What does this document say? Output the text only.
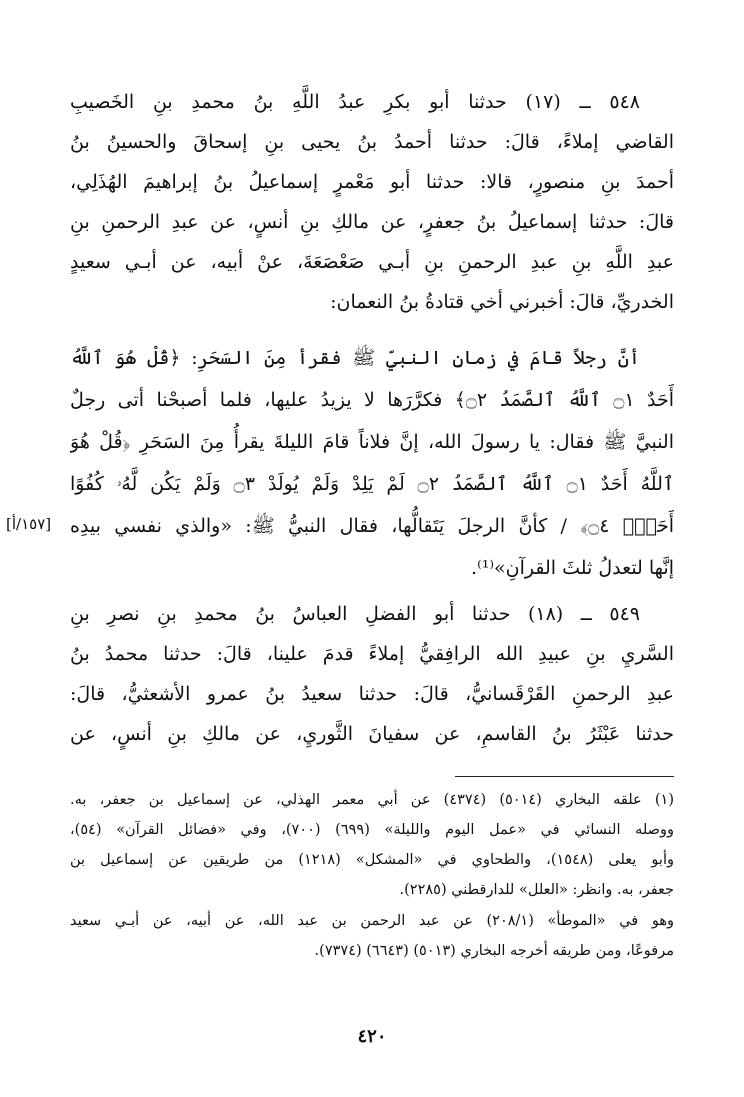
٥٤٨ ــ (١٧) حدثنا أبو بكرِ عبدُ اللَّهِ بنُ محمدِ بنِ الخَصيبِ
القاضي إملاءً، قالَ: حدثنا أحمدُ بنُ يحيى بنِ إسحاقَ والحسينُ بنُ
أحمدَ بنِ منصورٍ، قالا: حدثنا أبو مَعْمرٍ إسماعيلُ بنُ إبراهيمَ الهُذَلِي،
قالَ: حدثنا إسماعيلُ بنُ جعفرٍ، عن مالكِ بنِ أنسٍ، عن عبدِ الرحمنِ بنِ
عبدِ اللَّهِ بنِ عبدِ الرحمنِ بنِ أبـي صَعْصَعَةَ، عنْ أبيه، عن أبـي سعيدٍ
الخدريِّ، قالَ: أخبرني أخي قتادةُ بنُ النعمان:
أنَّ رجلاً قامَ في زمانِ النبيِّ ﷺ فقرأ مِنَ السَحَرِ: ﴿قُلْ هُوَ ٱللَّهُ
أَحَدٌ ۝١ ٱللَّهُ ٱلصَّمَدُ ۝٢﴾ فكرَّرَها لا يزيدُ عليها، فلما أصبحْنا أتى رجلٌ
النبيَّ ﷺ فقال: يا رسولَ الله، إنَّ فلاناً قامَ الليلةَ يقرأُ مِنَ السَحَرِ ﴿قُلْ هُوَ
ٱللَّهُ أَحَدٌ ۝١ ٱللَّهُ ٱلصَّمَدُ ۝٢ لَمْ يَلِدْ وَلَمْ يُولَدْ ۝٣ وَلَمْ يَكُن لَّهُۥ كُفُوًا
أَحَدٌۢ ۝٤﴾ / كأنَّ الرجلَ يَتَقالُّها، فقال النبيُّ ﷺ: «والذي نفسي بيدِه
إنَّها لتعدلُ ثلثَ القرآنِ»⁽¹⁾.
[١٥٧/أ]
٥٤٩ ــ (١٨) حدثنا أبو الفضلِ العباسُ بنُ محمدِ بنِ نصرِ بنِ
السَّريِ بنِ عبيدِ الله الرافِقيُّ إملاءً قدمَ علينا، قالَ: حدثنا محمدُ بنُ
عبدِ الرحمنِ القَرْقَسانيُّ، قالَ: حدثنا سعيدُ بنُ عمرو الأشعثيُّ، قالَ:
حدثنا عَبْثَرُ بنُ القاسمِ، عن سفيانَ الثَّوريِ، عن مالكِ بنِ أنسٍ، عن
(١) علقه البخاري (٥٠١٤) (٤٣٧٤) عن أبي معمر الهذلي، عن إسماعيل بن جعفر، به.
ووصله النسائي في «عمل اليوم والليلة» (٦٩٩) (٧٠٠)، وفي «فضائل القرآن» (٥٤)،
وأبو يعلى (١٥٤٨)، والطحاوي في «المشكل» (١٢١٨) من طريقين عن إسماعيل بن
جعفر، به. وانظر: «العلل» للدارقطني (٢٢٨٥).
وهو في «الموطأ» (٢٠٨/١) عن عبد الرحمن بن عبد الله، عن أبيه، عن أبـي سعيد
مرفوعًا، ومن طريقه أخرجه البخاري (٥٠١٣) (٦٦٤٣) (٧٣٧٤).
٤٢٠
